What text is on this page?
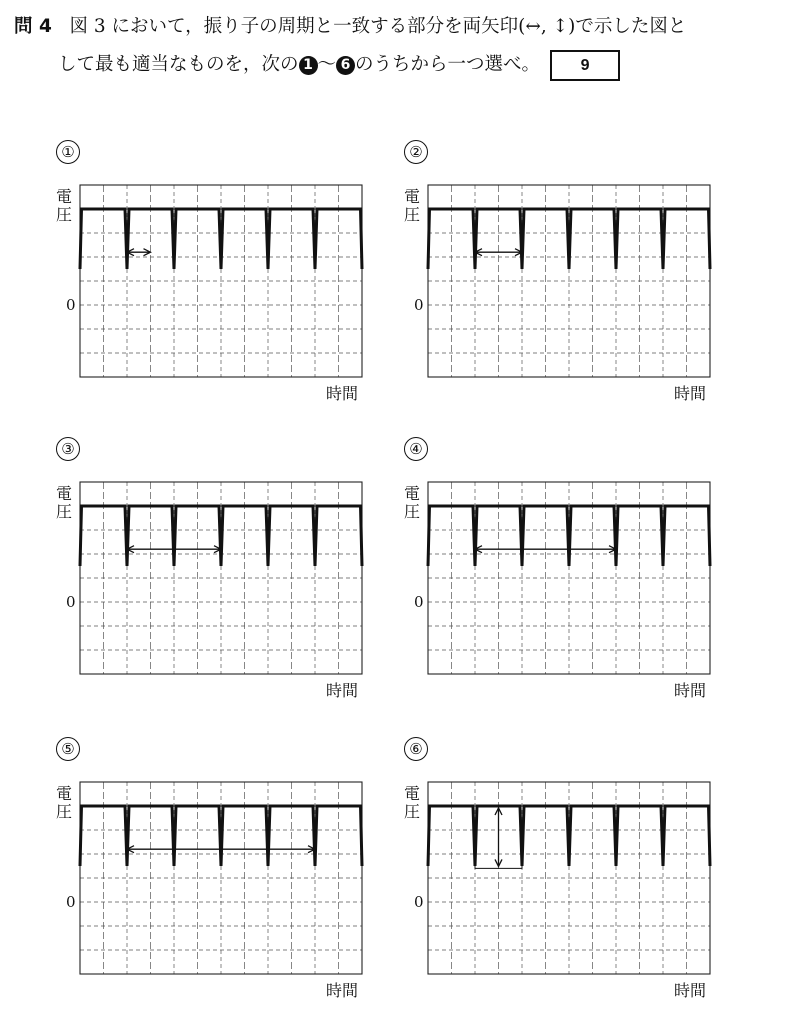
問 4 図 3 において，振り子の周期と一致する部分を両矢印(↔, ↕)で示した図と
して最も適当なものを，次の 1 ～ 6 のうちから一つ選べ。	9
①
電
圧
0
時間
②
電
圧
0
時間
③
電
圧
0
時間
④
電
圧
0
時間
⑤
電
圧
0
時間
⑥
電
圧
0
時間
